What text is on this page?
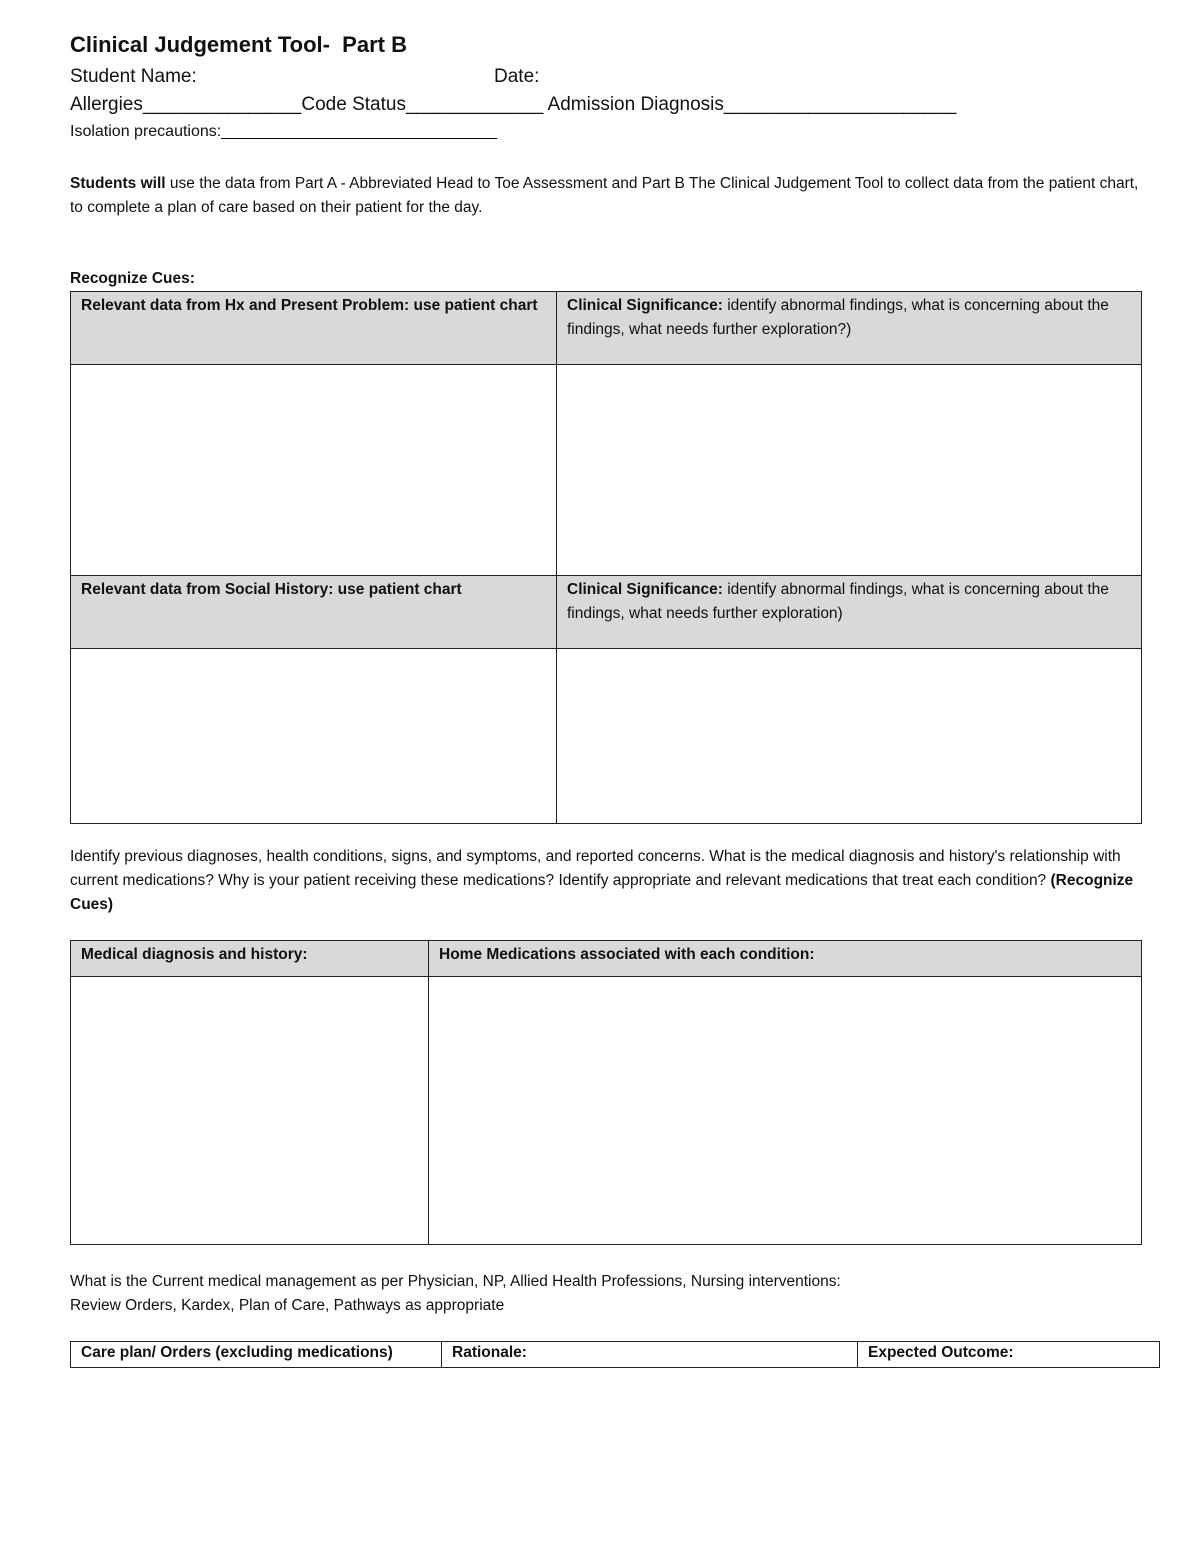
Clinical Judgement Tool-  Part B
Student Name:	Date:
Allergies_______________Code Status_____________ Admission Diagnosis______________________
Isolation precautions:_______________________________
Students will use the data from Part A - Abbreviated Head to Toe Assessment and Part B The Clinical Judgement Tool to collect data from the patient chart, to complete a plan of care based on their patient for the day.
Recognize Cues:
Relevant data from Hx and Present Problem: use patient chart	Clinical Significance: identify abnormal findings, what is concerning about the findings, what needs further exploration?)

Relevant data from Social History: use patient chart	Clinical Significance: identify abnormal findings, what is concerning about the findings, what needs further exploration)

Identify previous diagnoses, health conditions, signs, and symptoms, and reported concerns. What is the medical diagnosis and history's relationship with current medications? Why is your patient receiving these medications? Identify appropriate and relevant medications that treat each condition? (Recognize Cues)
Medical diagnosis and history:	Home Medications associated with each condition:

What is the Current medical management as per Physician, NP, Allied Health Professions, Nursing interventions:
Review Orders, Kardex, Plan of Care, Pathways as appropriate
Care plan/ Orders (excluding medications)	Rationale:	Expected Outcome:
